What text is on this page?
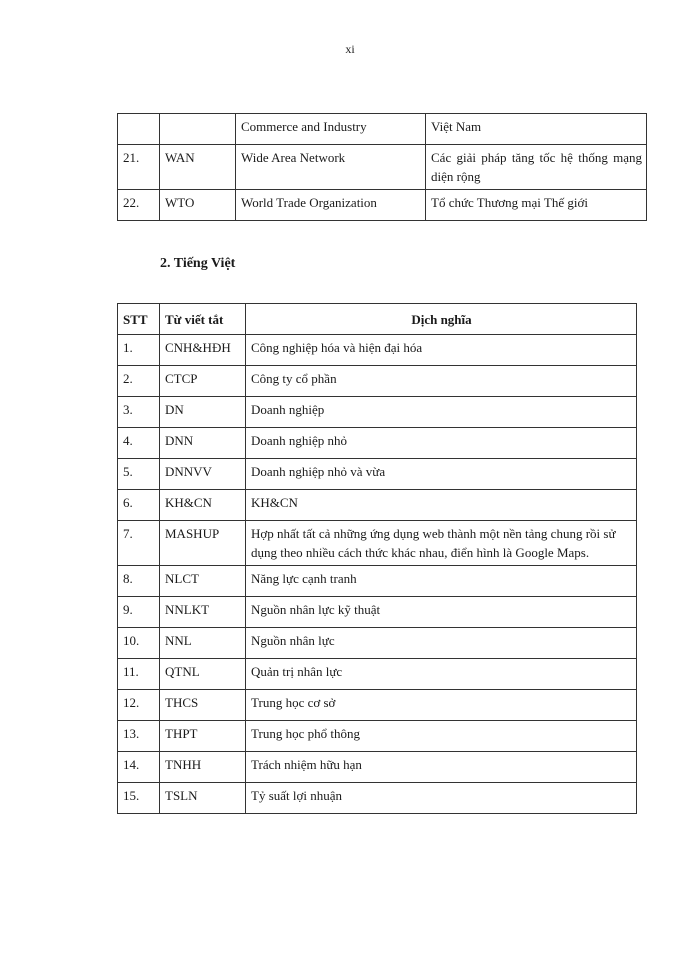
xi
		Commerce and Industry	Việt Nam
21.	WAN	Wide Area Network	Các giải pháp tăng tốc hệ thống mạng diện rộng
22.	WTO	World Trade Organization	Tổ chức Thương mại Thế giới
2. Tiếng Việt
STT	Từ viết tắt	Dịch nghĩa
1.	CNH&HĐH	Công nghiệp hóa và hiện đại hóa
2.	CTCP	Công ty cổ phần
3.	DN	Doanh nghiệp
4.	DNN	Doanh nghiệp nhỏ
5.	DNNVV	Doanh nghiệp nhỏ và vừa
6.	KH&CN	KH&CN
7.	MASHUP	Hợp nhất tất cả những ứng dụng web thành một nền tảng chung rồi sử dụng theo nhiều cách thức khác nhau, điển hình là Google Maps.
8.	NLCT	Năng lực cạnh tranh
9.	NNLKT	Nguồn nhân lực kỹ thuật
10.	NNL	Nguồn nhân lực
11.	QTNL	Quản trị nhân lực
12.	THCS	Trung học cơ sở
13.	THPT	Trung học phổ thông
14.	TNHH	Trách nhiệm hữu hạn
15.	TSLN	Tỷ suất lợi nhuận
